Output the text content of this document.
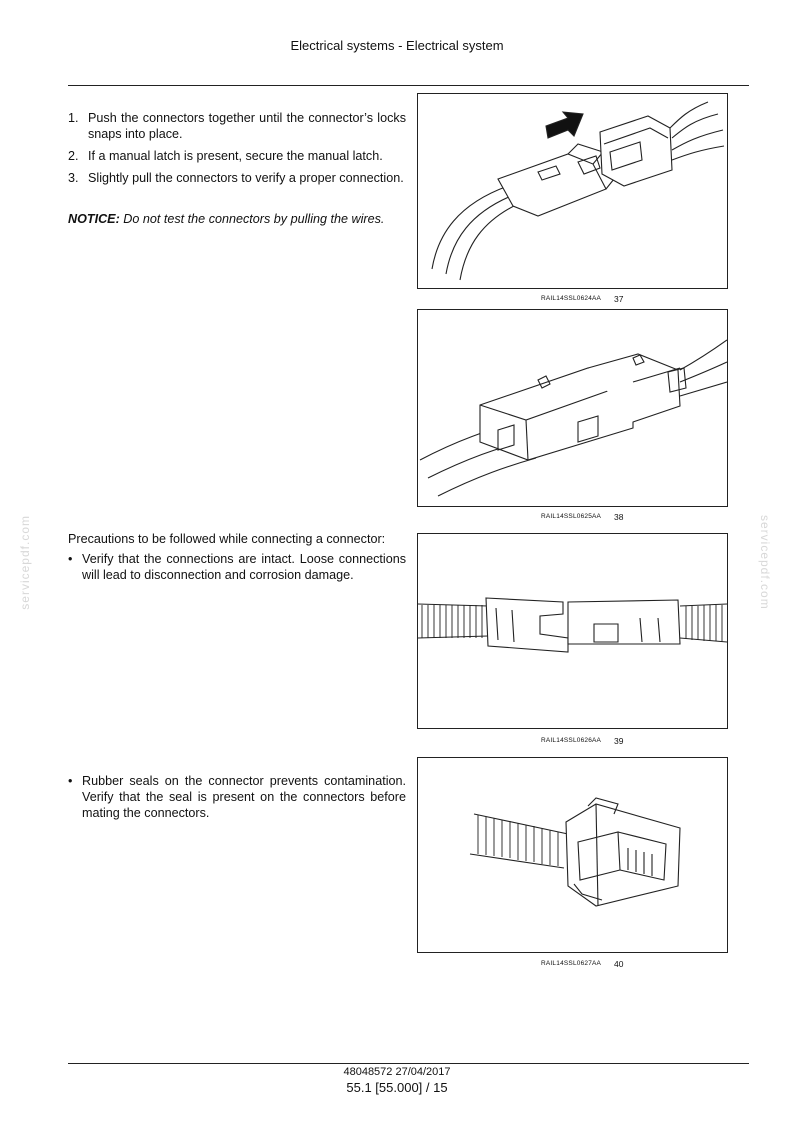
Electrical systems - Electrical system
1. Push the connectors together until the connector’s locks snaps into place.
2. If a manual latch is present, secure the manual latch.
3. Slightly pull the connectors to verify a proper connection.
NOTICE: Do not test the connectors by pulling the wires.
Precautions to be followed while connecting a connector:
• Verify that the connections are intact. Loose connections will lead to disconnection and corrosion damage.
• Rubber seals on the connector prevents contamination. Verify that the seal is present on the connectors before mating the connectors.
RAIL14SSL0624AA 37
RAIL14SSL0625AA 38
RAIL14SSL0626AA 39
RAIL14SSL0627AA 40
servicepdf.com	servicepdf.com
48048572 27/04/2017
55.1 [55.000] / 15
